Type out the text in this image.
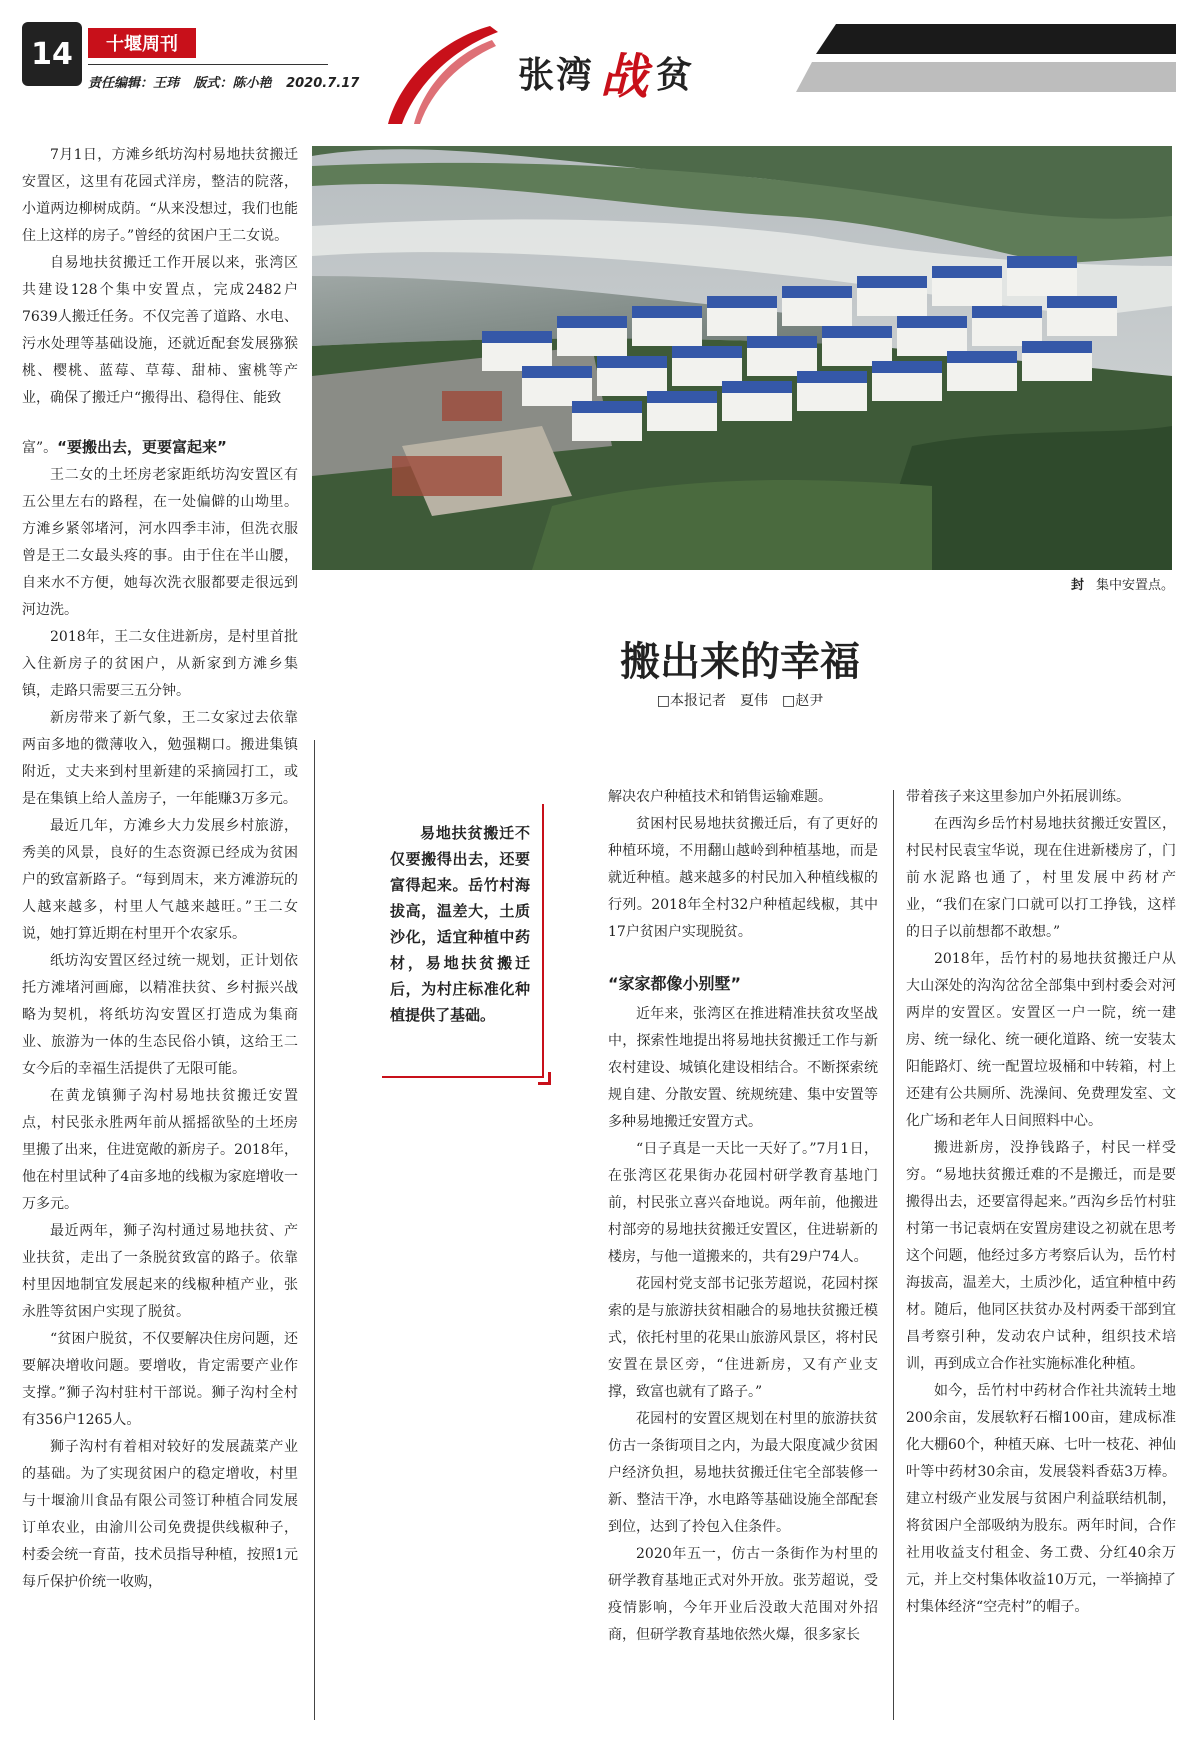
14	十堰周刊
责任编辑：王玮 版式：陈小艳 2020.7.17	张湾 战 贫
封 集中安置点。
搬出来的幸福
□本报记者　夏伟　□赵尹

7月1日，方滩乡纸坊沟村易地扶贫搬迁安置区，这里有花园式洋房，整洁的院落，小道两边柳树成荫。“从来没想过，我们也能住上这样的房子。”曾经的贫困户王二女说。

自易地扶贫搬迁工作开展以来，张湾区共建设128个集中安置点，完成2482户7639人搬迁任务。不仅完善了道路、水电、污水处理等基础设施，还就近配套发展猕猴桃、樱桃、蓝莓、草莓、甜柿、蜜桃等产业，确保了搬迁户“搬得出、稳得住、能致

富”。“要搬出去，更要富起来”

王二女的土坯房老家距纸坊沟安置区有五公里左右的路程，在一处偏僻的山坳里。方滩乡紧邻堵河，河水四季丰沛，但洗衣服曾是王二女最头疼的事。由于住在半山腰，自来水不方便，她每次洗衣服都要走很远到河边洗。

2018年，王二女住进新房，是村里首批入住新房子的贫困户，从新家到方滩乡集镇，走路只需要三五分钟。

新房带来了新气象，王二女家过去依靠两亩多地的微薄收入，勉强糊口。搬进集镇附近，丈夫来到村里新建的采摘园打工，或是在集镇上给人盖房子，一年能赚3万多元。

最近几年，方滩乡大力发展乡村旅游，秀美的风景，良好的生态资源已经成为贫困户的致富新路子。“每到周末，来方滩游玩的人越来越多，村里人气越来越旺。”王二女说，她打算近期在村里开个农家乐。

纸坊沟安置区经过统一规划，正计划依托方滩堵河画廊，以精准扶贫、乡村振兴战略为契机，将纸坊沟安置区打造成为集商业、旅游为一体的生态民俗小镇，这给王二女今后的幸福生活提供了无限可能。

在黄龙镇狮子沟村易地扶贫搬迁安置点，村民张永胜两年前从摇摇欲坠的土坯房里搬了出来，住进宽敞的新房子。2018年，他在村里试种了4亩多地的线椒为家庭增收一万多元。

最近两年，狮子沟村通过易地扶贫、产业扶贫，走出了一条脱贫致富的路子。依靠村里因地制宜发展起来的线椒种植产业，张永胜等贫困户实现了脱贫。

“贫困户脱贫，不仅要解决住房问题，还要解决增收问题。要增收，肯定需要产业作支撑。”狮子沟村驻村干部说。狮子沟村全村有356户1265人。

狮子沟村有着相对较好的发展蔬菜产业的基础。为了实现贫困户的稳定增收，村里与十堰渝川食品有限公司签订种植合同发展订单农业，由渝川公司免费提供线椒种子，村委会统一育苗，技术员指导种植，按照1元每斤保护价统一收购，

易地扶贫搬迁不仅要搬得出去，还要富得起来。岳竹村海拔高，温差大，土质沙化，适宜种植中药材，易地扶贫搬迁后，为村庄标准化种植提供了基础。

解决农户种植技术和销售运输难题。

贫困村民易地扶贫搬迁后，有了更好的种植环境，不用翻山越岭到种植基地，而是就近种植。越来越多的村民加入种植线椒的行列。2018年全村32户种植起线椒，其中17户贫困户实现脱贫。

“家家都像小别墅”

近年来，张湾区在推进精准扶贫攻坚战中，探索性地提出将易地扶贫搬迁工作与新农村建设、城镇化建设相结合。不断探索统规自建、分散安置、统规统建、集中安置等多种易地搬迁安置方式。

“日子真是一天比一天好了。”7月1日，在张湾区花果街办花园村研学教育基地门前，村民张立喜兴奋地说。两年前，他搬进村部旁的易地扶贫搬迁安置区，住进崭新的楼房，与他一道搬来的，共有29户74人。

花园村党支部书记张芳超说，花园村探索的是与旅游扶贫相融合的易地扶贫搬迁模式，依托村里的花果山旅游风景区，将村民安置在景区旁，“住进新房，又有产业支撑，致富也就有了路子。”

花园村的安置区规划在村里的旅游扶贫仿古一条街项目之内，为最大限度减少贫困户经济负担，易地扶贫搬迁住宅全部装修一新、整洁干净，水电路等基础设施全部配套到位，达到了拎包入住条件。

2020年五一，仿古一条街作为村里的研学教育基地正式对外开放。张芳超说，受疫情影响，今年开业后没敢大范围对外招商，但研学教育基地依然火爆，很多家长

带着孩子来这里参加户外拓展训练。

在西沟乡岳竹村易地扶贫搬迁安置区，村民村民袁宝华说，现在住进新楼房了，门前水泥路也通了，村里发展中药材产业，“我们在家门口就可以打工挣钱，这样的日子以前想都不敢想。”

2018年，岳竹村的易地扶贫搬迁户从大山深处的沟沟岔岔全部集中到村委会对河两岸的安置区。安置区一户一院，统一建房、统一绿化、统一硬化道路、统一安装太阳能路灯、统一配置垃圾桶和中转箱，村上还建有公共厕所、洗澡间、免费理发室、文化广场和老年人日间照料中心。

搬进新房，没挣钱路子，村民一样受穷。“易地扶贫搬迁难的不是搬迁，而是要搬得出去，还要富得起来。”西沟乡岳竹村驻村第一书记袁炳在安置房建设之初就在思考这个问题，他经过多方考察后认为，岳竹村海拔高，温差大，土质沙化，适宜种植中药材。随后，他同区扶贫办及村两委干部到宜昌考察引种，发动农户试种，组织技术培训，再到成立合作社实施标准化种植。

如今，岳竹村中药材合作社共流转土地200余亩，发展软籽石榴100亩，建成标准化大棚60个，种植天麻、七叶一枝花、神仙叶等中药材30余亩，发展袋料香菇3万棒。建立村级产业发展与贫困户利益联结机制，将贫困户全部吸纳为股东。两年时间，合作社用收益支付租金、务工费、分红40余万元，并上交村集体收益10万元，一举摘掉了村集体经济“空壳村”的帽子。
